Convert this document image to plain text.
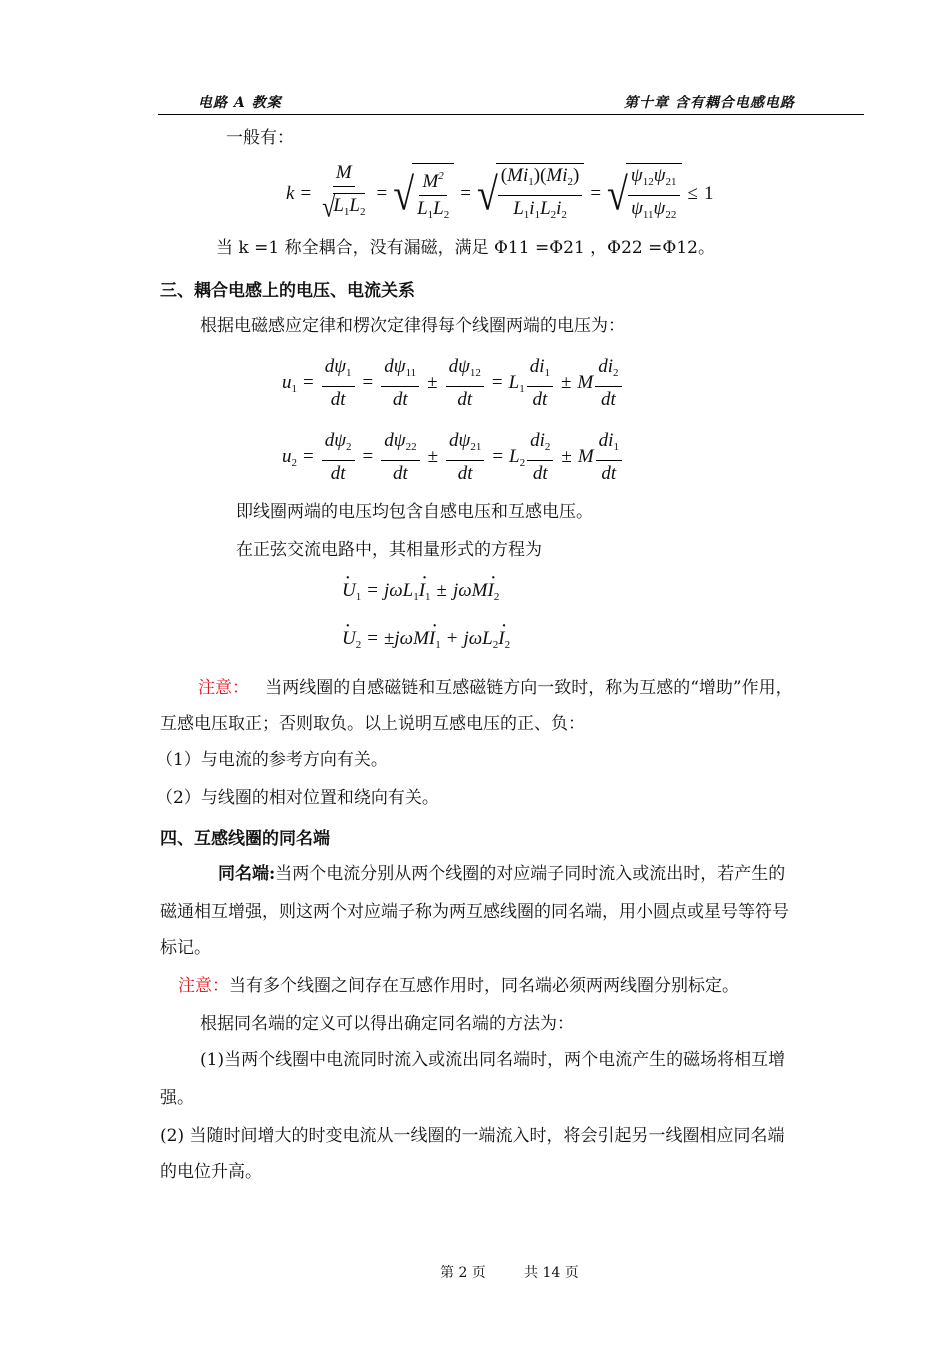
电路 A 教案	第十章 含有耦合电感电路
一般有：
k = M
√
$L_1L_2$ = √ $\frac{M^2}{L_1L_2}$ = √ $\frac{(Mi_1)(Mi_2)}{L_1i_1L_2i_2}$ = √ $\frac{\psi_{12}\psi_{21}}{\psi_{11}\psi_{22}} \le 1$
当 k =1 称全耦合，没有漏磁，满足 Φ11 =Φ21 ，Φ22 =Φ12。
三、耦合电感上的电压、电流关系
根据电磁感应定律和楞次定律得每个线圈两端的电压为：
$u_1 = \frac{d\psi_1}{dt} = \frac{d\psi_{11}}{dt} \pm \frac{d\psi_{12}}{dt} = L_1 \frac{di_1}{dt} \pm M \frac{di_2}{dt}$
$u_2 = \frac{d\psi_2}{dt} = \frac{d\psi_{22}}{dt} \pm \frac{d\psi_{21}}{dt} = L_2 \frac{di_2}{dt} \pm M \frac{di_1}{dt}$
即线圈两端的电压均包含自感电压和互感电压。
在正弦交流电路中，其相量形式的方程为
· $U_1 = j\omega L_1\cdot I_1 \pm j\omega M\cdot I_2$
· $U_2 = \pm j\omega M\cdot I_1 + j\omega L_2\cdot I_2$
注意： 当两线圈的自感磁链和互感磁链方向一致时，称为互感的“增助”作用，
互感电压取正；否则取负。以上说明互感电压的正、负：
（1）与电流的参考方向有关。
（2）与线圈的相对位置和绕向有关。
四、互感线圈的同名端
同名端:当两个电流分别从两个线圈的对应端子同时流入或流出时，若产生的
磁通相互增强，则这两个对应端子称为两互感线圈的同名端，用小圆点或星号等符号
标记。
注意：当有多个线圈之间存在互感作用时，同名端必须两两线圈分别标定。
根据同名端的定义可以得出确定同名端的方法为：
(1)当两个线圈中电流同时流入或流出同名端时，两个电流产生的磁场将相互增
强。
(2) 当随时间增大的时变电流从一线圈的一端流入时，将会引起另一线圈相应同名端
的电位升高。
第 2 页	共 14 页
